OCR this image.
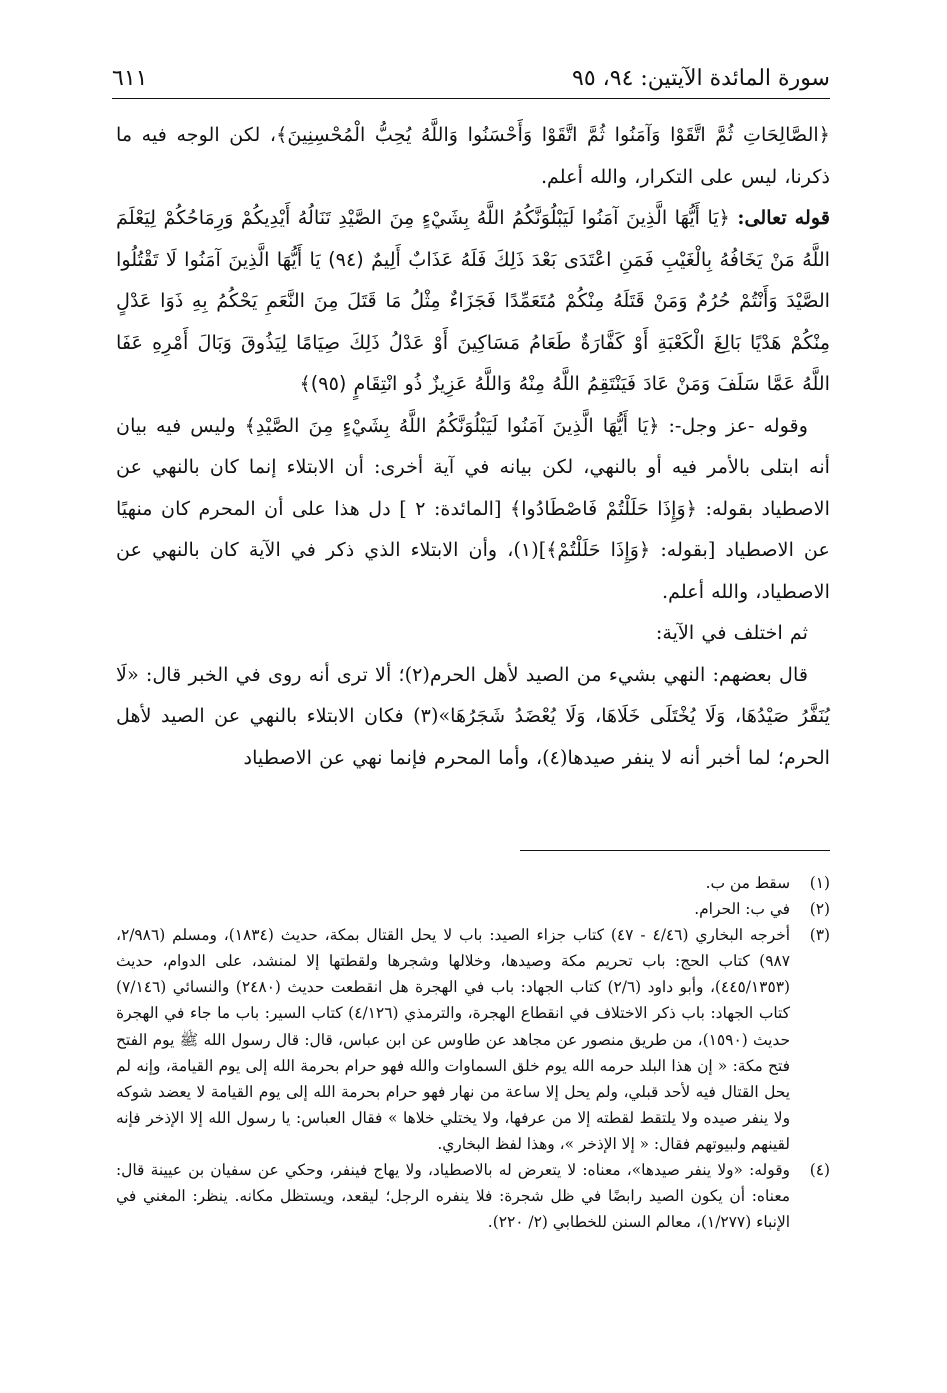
سورة المائدة الآيتين: ٩٤، ٩٥
٦١١

﴿الصَّالِحَاتِ ثُمَّ اتَّقَوْا وَآمَنُوا ثُمَّ اتَّقَوْا وَأَحْسَنُوا وَاللَّهُ يُحِبُّ الْمُحْسِنِينَ﴾، لكن الوجه فيه ما ذكرنا، ليس على التكرار، والله أعلم.

قوله تعالى: ﴿يَا أَيُّهَا الَّذِينَ آمَنُوا لَيَبْلُوَنَّكُمُ اللَّهُ بِشَيْءٍ مِنَ الصَّيْدِ تَنَالُهُ أَيْدِيكُمْ وَرِمَاحُكُمْ لِيَعْلَمَ اللَّهُ مَنْ يَخَافُهُ بِالْغَيْبِ فَمَنِ اعْتَدَى بَعْدَ ذَلِكَ فَلَهُ عَذَابٌ أَلِيمٌ (٩٤) يَا أَيُّهَا الَّذِينَ آمَنُوا لَا تَقْتُلُوا الصَّيْدَ وَأَنْتُمْ حُرُمٌ وَمَنْ قَتَلَهُ مِنْكُمْ مُتَعَمِّدًا فَجَزَاءٌ مِثْلُ مَا قَتَلَ مِنَ النَّعَمِ يَحْكُمُ بِهِ ذَوَا عَدْلٍ مِنْكُمْ هَدْيًا بَالِغَ الْكَعْبَةِ أَوْ كَفَّارَةٌ طَعَامُ مَسَاكِينَ أَوْ عَدْلُ ذَلِكَ صِيَامًا لِيَذُوقَ وَبَالَ أَمْرِهِ عَفَا اللَّهُ عَمَّا سَلَفَ وَمَنْ عَادَ فَيَنْتَقِمُ اللَّهُ مِنْهُ وَاللَّهُ عَزِيزٌ ذُو انْتِقَامٍ (٩٥)﴾

وقوله -عز وجل-: ﴿يَا أَيُّهَا الَّذِينَ آمَنُوا لَيَبْلُوَنَّكُمُ اللَّهُ بِشَيْءٍ مِنَ الصَّيْدِ﴾ وليس فيه بيان أنه ابتلى بالأمر فيه أو بالنهي، لكن بيانه في آية أخرى: أن الابتلاء إنما كان بالنهي عن الاصطياد بقوله: ﴿وَإِذَا حَلَلْتُمْ فَاصْطَادُوا﴾ [المائدة: ٢ ] دل هذا على أن المحرم كان منهيًا عن الاصطياد [بقوله: ﴿وَإِذَا حَلَلْتُمْ﴾](١)، وأن الابتلاء الذي ذكر في الآية كان بالنهي عن الاصطياد، والله أعلم.

ثم اختلف في الآية:

قال بعضهم: النهي بشيء من الصيد لأهل الحرم(٢)؛ ألا ترى أنه روى في الخبر قال: «لَا يُنَفَّرُ صَيْدُهَا، وَلَا يُخْتَلَى خَلَاهَا، وَلَا يُعْضَدُ شَجَرُهَا»(٣) فكان الابتلاء بالنهي عن الصيد لأهل الحرم؛ لما أخبر أنه لا ينفر صيدها(٤)، وأما المحرم فإنما نهي عن الاصطياد

(١)
سقط من ب.
(٢)
في ب: الحرام.
(٣)
أخرجه البخاري (٤/٤٦ - ٤٧) كتاب جزاء الصيد: باب لا يحل القتال بمكة، حديث (١٨٣٤)، ومسلم (٢/٩٨٦، ٩٨٧) كتاب الحج: باب تحريم مكة وصيدها، وخلالها وشجرها ولقطتها إلا لمنشد، على الدوام، حديث (٤٤٥/١٣٥٣)، وأبو داود (٢/٦) كتاب الجهاد: باب في الهجرة هل انقطعت حديث (٢٤٨٠) والنسائي (٧/١٤٦) كتاب الجهاد: باب ذكر الاختلاف في انقطاع الهجرة، والترمذي (٤/١٢٦) كتاب السير: باب ما جاء في الهجرة حديث (١٥٩٠)، من طريق منصور عن مجاهد عن طاوس عن ابن عباس، قال: قال رسول الله ﷺ يوم الفتح فتح مكة: « إن هذا البلد حرمه الله يوم خلق السماوات والله فهو حرام بحرمة الله إلى يوم القيامة، وإنه لم يحل القتال فيه لأحد قبلي، ولم يحل إلا ساعة من نهار فهو حرام بحرمة الله إلى يوم القيامة لا يعضد شوكه ولا ينفر صيده ولا يلتقط لقطته إلا من عرفها، ولا يختلي خلاها » فقال العباس: يا رسول الله إلا الإذخر فإنه لقينهم ولبيوتهم فقال: « إلا الإذخر »، وهذا لفظ البخاري.
(٤)
وقوله: «ولا ينفر صيدها»، معناه: لا يتعرض له بالاصطياد، ولا يهاج فينفر، وحكي عن سفيان بن عيينة قال: معناه: أن يكون الصيد رابضًا في ظل شجرة: فلا ينفره الرجل؛ ليقعد، ويستظل مكانه. ينظر: المغني في الإنباء (١/٢٧٧)، معالم السنن للخطابي (٢/ ٢٢٠).
